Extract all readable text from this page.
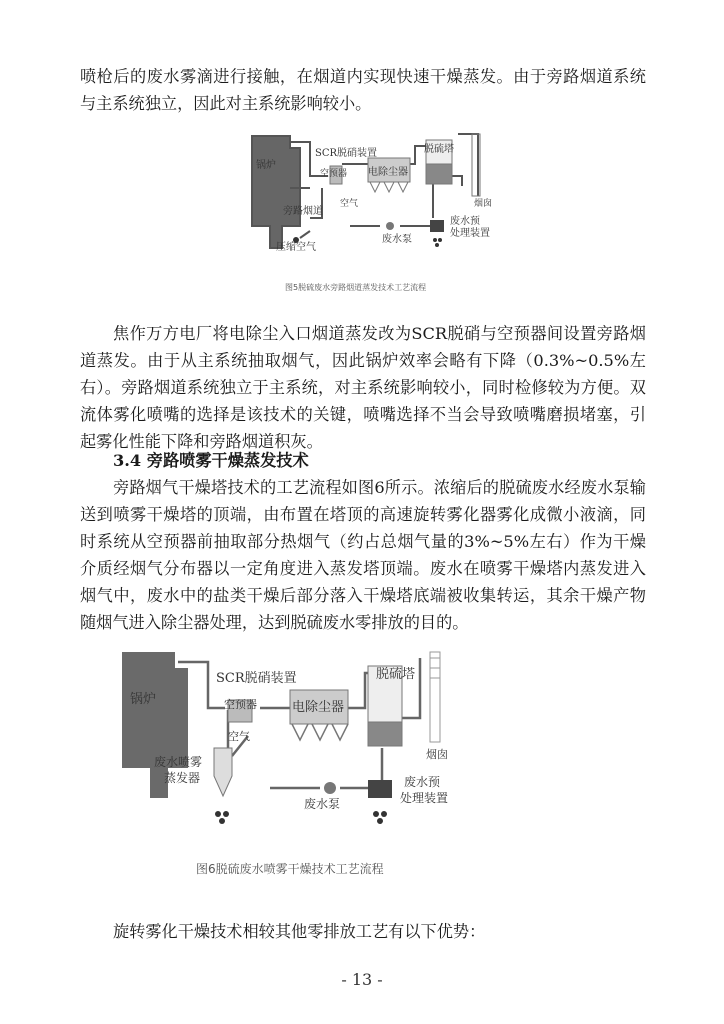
喷枪后的废水雾滴进行接触，在烟道内实现快速干燥蒸发。由于旁路烟道系统与主系统独立，因此对主系统影响较小。

锅炉
SCR脱硝装置
空预器 电除尘器
脱硫塔
烟囱
旁路烟道
空气
压缩空气
废水泵
废水预
处理装置

图5脱硫废水旁路烟道蒸发技术工艺流程

焦作万方电厂将电除尘入口烟道蒸发改为SCR脱硝与空预器间设置旁路烟道蒸发。由于从主系统抽取烟气，因此锅炉效率会略有下降（0.3%~0.5%左右）。旁路烟道系统独立于主系统，对主系统影响较小，同时检修较为方便。双流体雾化喷嘴的选择是该技术的关键，喷嘴选择不当会导致喷嘴磨损堵塞，引起雾化性能下降和旁路烟道积灰。

3.4 旁路喷雾干燥蒸发技术

旁路烟气干燥塔技术的工艺流程如图6所示。浓缩后的脱硫废水经废水泵输送到喷雾干燥塔的顶端，由布置在塔顶的高速旋转雾化器雾化成微小液滴，同时系统从空预器前抽取部分热烟气（约占总烟气量的3%~5%左右）作为干燥介质经烟气分布器以一定角度进入蒸发塔顶端。废水在喷雾干燥塔内蒸发进入烟气中，废水中的盐类干燥后部分落入干燥塔底端被收集转运，其余干燥产物随烟气进入除尘器处理，达到脱硫废水零排放的目的。

锅炉
SCR脱硝装置
空预器	电除尘器
脱硫塔
烟囱
空气
废水喷雾
蒸发器
废水泵
废水预
处理装置

图6脱硫废水喷雾干燥技术工艺流程

旋转雾化干燥技术相较其他零排放工艺有以下优势：

- 13 -
